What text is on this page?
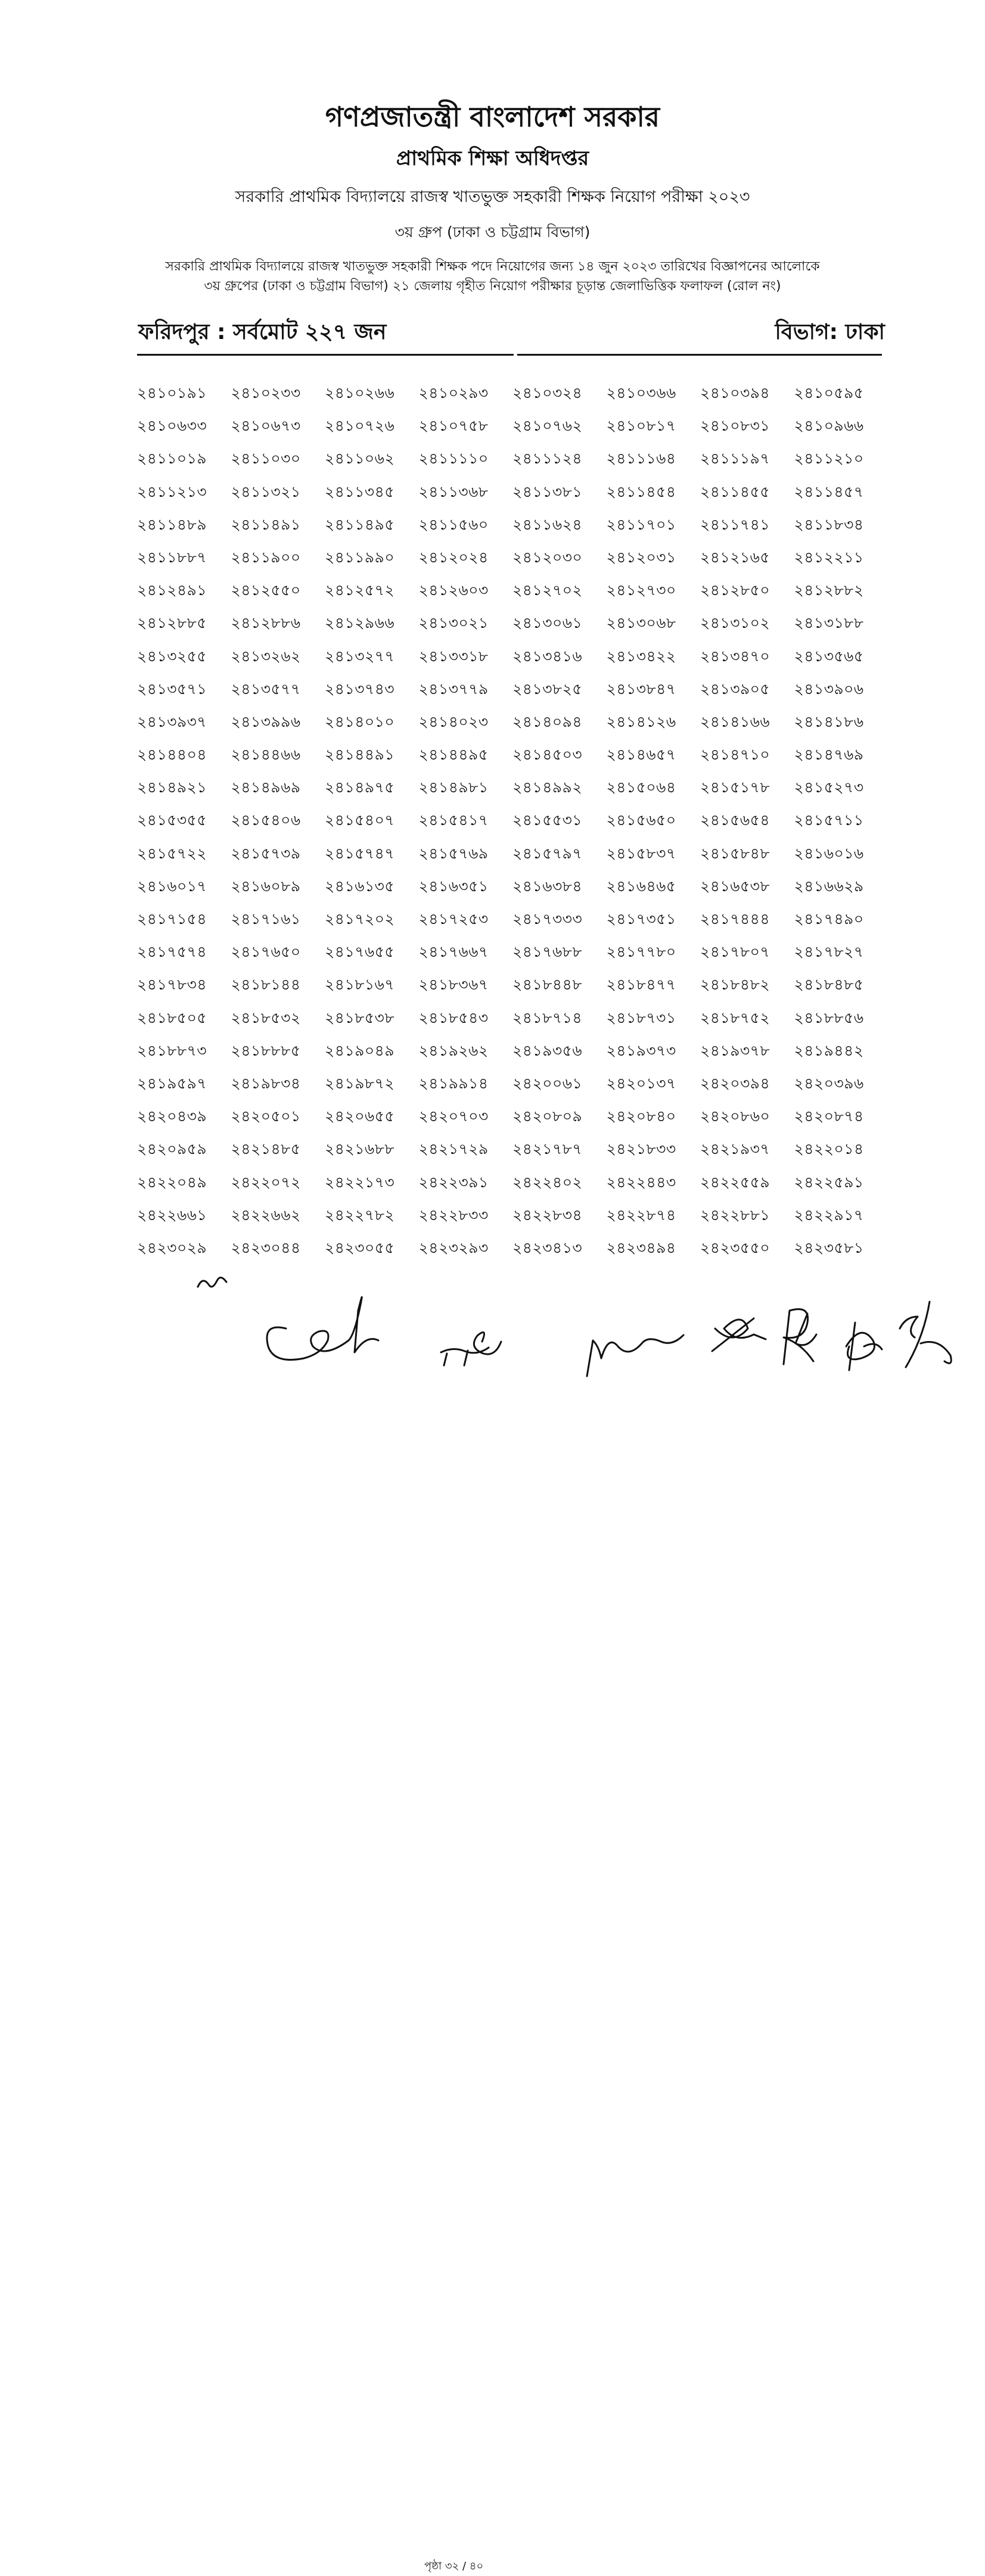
গণপ্রজাতন্ত্রী বাংলাদেশ সরকার
প্রাথমিক শিক্ষা অধিদপ্তর
সরকারি প্রাথমিক বিদ্যালয়ে রাজস্ব খাতভুক্ত সহকারী শিক্ষক নিয়োগ পরীক্ষা ২০২৩
৩য় গ্রুপ (ঢাকা ও চট্টগ্রাম বিভাগ)
সরকারি প্রাথমিক বিদ্যালয়ে রাজস্ব খাতভুক্ত সহকারী শিক্ষক পদে নিয়োগের জন্য ১৪ জুন ২০২৩ তারিখের বিজ্ঞাপনের আলোকে
৩য় গ্রুপের (ঢাকা ও চট্টগ্রাম বিভাগ) ২১ জেলায় গৃহীত নিয়োগ পরীক্ষার চূড়ান্ত জেলাভিত্তিক ফলাফল (রোল নং)
ফরিদপুর : সর্বমোট ২২৭ জন	বিভাগ: ঢাকা
২৪১০১৯১	২৪১০২৩৩	২৪১০২৬৬	২৪১০২৯৩	২৪১০৩২৪	২৪১০৩৬৬	২৪১০৩৯৪	২৪১০৫৯৫
২৪১০৬৩৩	২৪১০৬৭৩	২৪১০৭২৬	২৪১০৭৫৮	২৪১০৭৬২	২৪১০৮১৭	২৪১০৮৩১	২৪১০৯৬৬
২৪১১০১৯	২৪১১০৩০	২৪১১০৬২	২৪১১১১০	২৪১১১২৪	২৪১১১৬৪	২৪১১১৯৭	২৪১১২১০
২৪১১২১৩	২৪১১৩২১	২৪১১৩৪৫	২৪১১৩৬৮	২৪১১৩৮১	২৪১১৪৫৪	২৪১১৪৫৫	২৪১১৪৫৭
২৪১১৪৮৯	২৪১১৪৯১	২৪১১৪৯৫	২৪১১৫৬০	২৪১১৬২৪	২৪১১৭০১	২৪১১৭৪১	২৪১১৮৩৪
২৪১১৮৮৭	২৪১১৯০০	২৪১১৯৯০	২৪১২০২৪	২৪১২০৩০	২৪১২০৩১	২৪১২১৬৫	২৪১২২১১
২৪১২৪৯১	২৪১২৫৫০	২৪১২৫৭২	২৪১২৬০৩	২৪১২৭০২	২৪১২৭৩০	২৪১২৮৫০	২৪১২৮৮২
২৪১২৮৮৫	২৪১২৮৮৬	২৪১২৯৬৬	২৪১৩০২১	২৪১৩০৬১	২৪১৩০৬৮	২৪১৩১০২	২৪১৩১৮৮
২৪১৩২৫৫	২৪১৩২৬২	২৪১৩২৭৭	২৪১৩৩১৮	২৪১৩৪১৬	২৪১৩৪২২	২৪১৩৪৭০	২৪১৩৫৬৫
২৪১৩৫৭১	২৪১৩৫৭৭	২৪১৩৭৪৩	২৪১৩৭৭৯	২৪১৩৮২৫	২৪১৩৮৪৭	২৪১৩৯০৫	২৪১৩৯০৬
২৪১৩৯৩৭	২৪১৩৯৯৬	২৪১৪০১০	২৪১৪০২৩	২৪১৪০৯৪	২৪১৪১২৬	২৪১৪১৬৬	২৪১৪১৮৬
২৪১৪৪০৪	২৪১৪৪৬৬	২৪১৪৪৯১	২৪১৪৪৯৫	২৪১৪৫০৩	২৪১৪৬৫৭	২৪১৪৭১০	২৪১৪৭৬৯
২৪১৪৯২১	২৪১৪৯৬৯	২৪১৪৯৭৫	২৪১৪৯৮১	২৪১৪৯৯২	২৪১৫০৬৪	২৪১৫১৭৮	২৪১৫২৭৩
২৪১৫৩৫৫	২৪১৫৪০৬	২৪১৫৪০৭	২৪১৫৪১৭	২৪১৫৫৩১	২৪১৫৬৫০	২৪১৫৬৫৪	২৪১৫৭১১
২৪১৫৭২২	২৪১৫৭৩৯	২৪১৫৭৪৭	২৪১৫৭৬৯	২৪১৫৭৯৭	২৪১৫৮৩৭	২৪১৫৮৪৮	২৪১৬০১৬
২৪১৬০১৭	২৪১৬০৮৯	২৪১৬১৩৫	২৪১৬৩৫১	২৪১৬৩৮৪	২৪১৬৪৬৫	২৪১৬৫৩৮	২৪১৬৬২৯
২৪১৭১৫৪	২৪১৭১৬১	২৪১৭২০২	২৪১৭২৫৩	২৪১৭৩৩৩	২৪১৭৩৫১	২৪১৭৪৪৪	২৪১৭৪৯০
২৪১৭৫৭৪	২৪১৭৬৫০	২৪১৭৬৫৫	২৪১৭৬৬৭	২৪১৭৬৮৮	২৪১৭৭৮০	২৪১৭৮০৭	২৪১৭৮২৭
২৪১৭৮৩৪	২৪১৮১৪৪	২৪১৮১৬৭	২৪১৮৩৬৭	২৪১৮৪৪৮	২৪১৮৪৭৭	২৪১৮৪৮২	২৪১৮৪৮৫
২৪১৮৫০৫	২৪১৮৫৩২	২৪১৮৫৩৮	২৪১৮৫৪৩	২৪১৮৭১৪	২৪১৮৭৩১	২৪১৮৭৫২	২৪১৮৮৫৬
২৪১৮৮৭৩	২৪১৮৮৮৫	২৪১৯০৪৯	২৪১৯২৬২	২৪১৯৩৫৬	২৪১৯৩৭৩	২৪১৯৩৭৮	২৪১৯৪৪২
২৪১৯৫৯৭	২৪১৯৮৩৪	২৪১৯৮৭২	২৪১৯৯১৪	২৪২০০৬১	২৪২০১৩৭	২৪২০৩৯৪	২৪২০৩৯৬
২৪২০৪৩৯	২৪২০৫০১	২৪২০৬৫৫	২৪২০৭০৩	২৪২০৮০৯	২৪২০৮৪০	২৪২০৮৬০	২৪২০৮৭৪
২৪২০৯৫৯	২৪২১৪৮৫	২৪২১৬৮৮	২৪২১৭২৯	২৪২১৭৮৭	২৪২১৮৩৩	২৪২১৯৩৭	২৪২২০১৪
২৪২২০৪৯	২৪২২০৭২	২৪২২১৭৩	২৪২২৩৯১	২৪২২৪০২	২৪২২৪৪৩	২৪২২৫৫৯	২৪২২৫৯১
২৪২২৬৬১	২৪২২৬৬২	২৪২২৭৮২	২৪২২৮৩৩	২৪২২৮৩৪	২৪২২৮৭৪	২৪২২৮৮১	২৪২২৯১৭
২৪২৩০২৯	২৪২৩০৪৪	২৪২৩০৫৫	২৪২৩২৯৩	২৪২৩৪১৩	২৪২৩৪৯৪	২৪২৩৫৫০	২৪২৩৫৮১
পৃষ্ঠা ৩২ / ৪০
